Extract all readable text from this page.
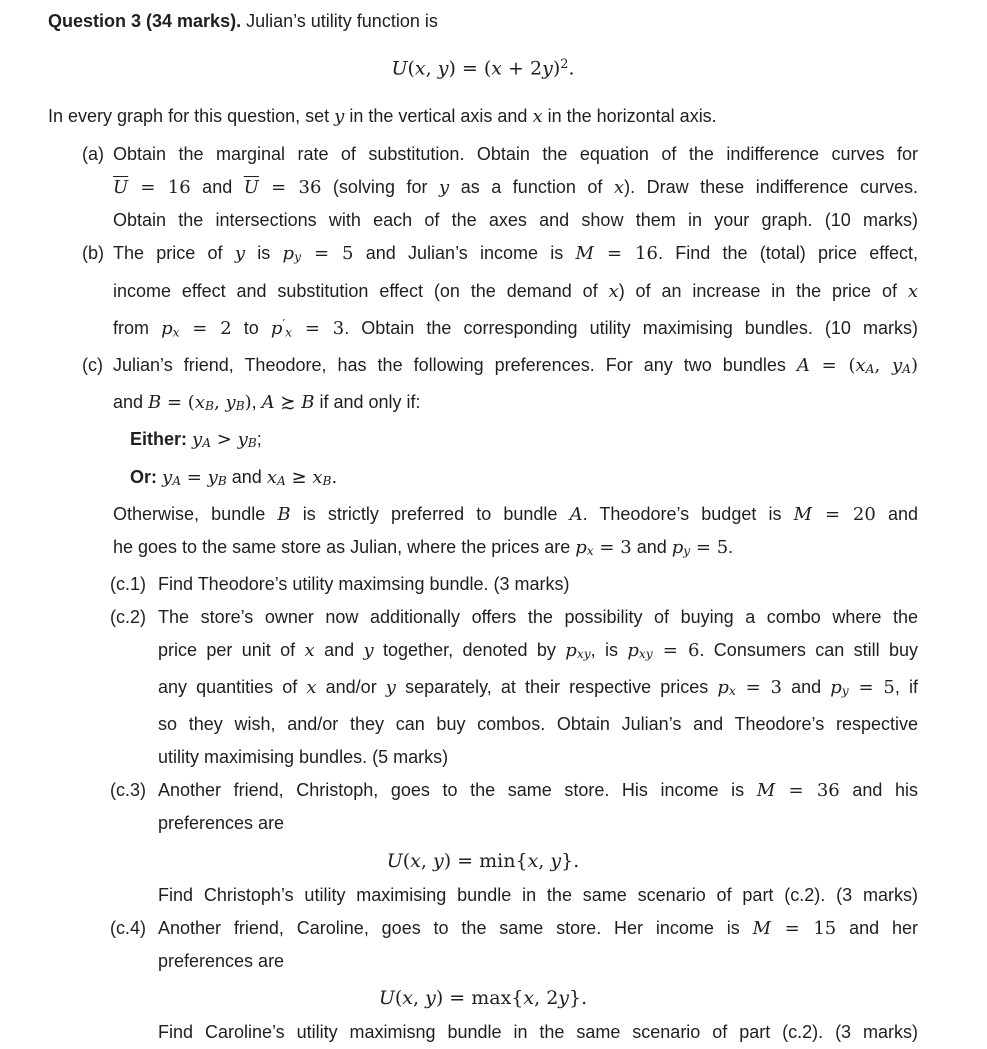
Question 3 (34 marks). Julian’s utility function is
U(x, $y) = (x + 2y)^2$.
In every graph for this question, set y in the vertical axis and x in the horizontal axis.
(a) Obtain the marginal rate of substitution. Obtain the equation of the indifference curves for
$\overline{U} = 16$ and $\overline{U} = 36$ (solving for y as a function of x). Draw these indifference curves.
Obtain the intersections with each of the axes and show them in your graph. (10 marks)
(b) The price of y is py = 5 and Julian’s income is M = 16. Find the (total) price effect,
income effect and substitution effect (on the demand of x) of an increase in the price of x
from px = 2 to p′x = 3. Obtain the corresponding utility maximising bundles. (10 marks)
(c) Julian’s friend, Theodore, has the following preferences. For any two bundles A = (xA, yA)
and B = (xB, yB), A ≿ B if and only if:
Either: yA > yB;
Or: yA = yB and xA ≥ xB.
Otherwise, bundle B is strictly preferred to bundle A. Theodore’s budget is M = 20 and
he goes to the same store as Julian, where the prices are px = 3 and py = 5.
(c.1) Find Theodore’s utility maximsing bundle. (3 marks)
(c.2) The store’s owner now additionally offers the possibility of buying a combo where the
price per unit of x and y together, denoted by pxy, is pxy = 6. Consumers can still buy
any quantities of x and/or y separately, at their respective prices px = 3 and py = 5, if
so they wish, and/or they can buy combos. Obtain Julian’s and Theodore’s respective
utility maximising bundles. (5 marks)
(c.3) Another friend, Christoph, goes to the same store. His income is M = 36 and his
preferences are
U(x, y) = min{x, y}.
Find Christoph’s utility maximising bundle in the same scenario of part (c.2). (3 marks)
(c.4) Another friend, Caroline, goes to the same store. Her income is M = 15 and her
preferences are
U(x, y) = max{x, 2y}.
Find Caroline’s utility maximisng bundle in the same scenario of part (c.2). (3 marks)
